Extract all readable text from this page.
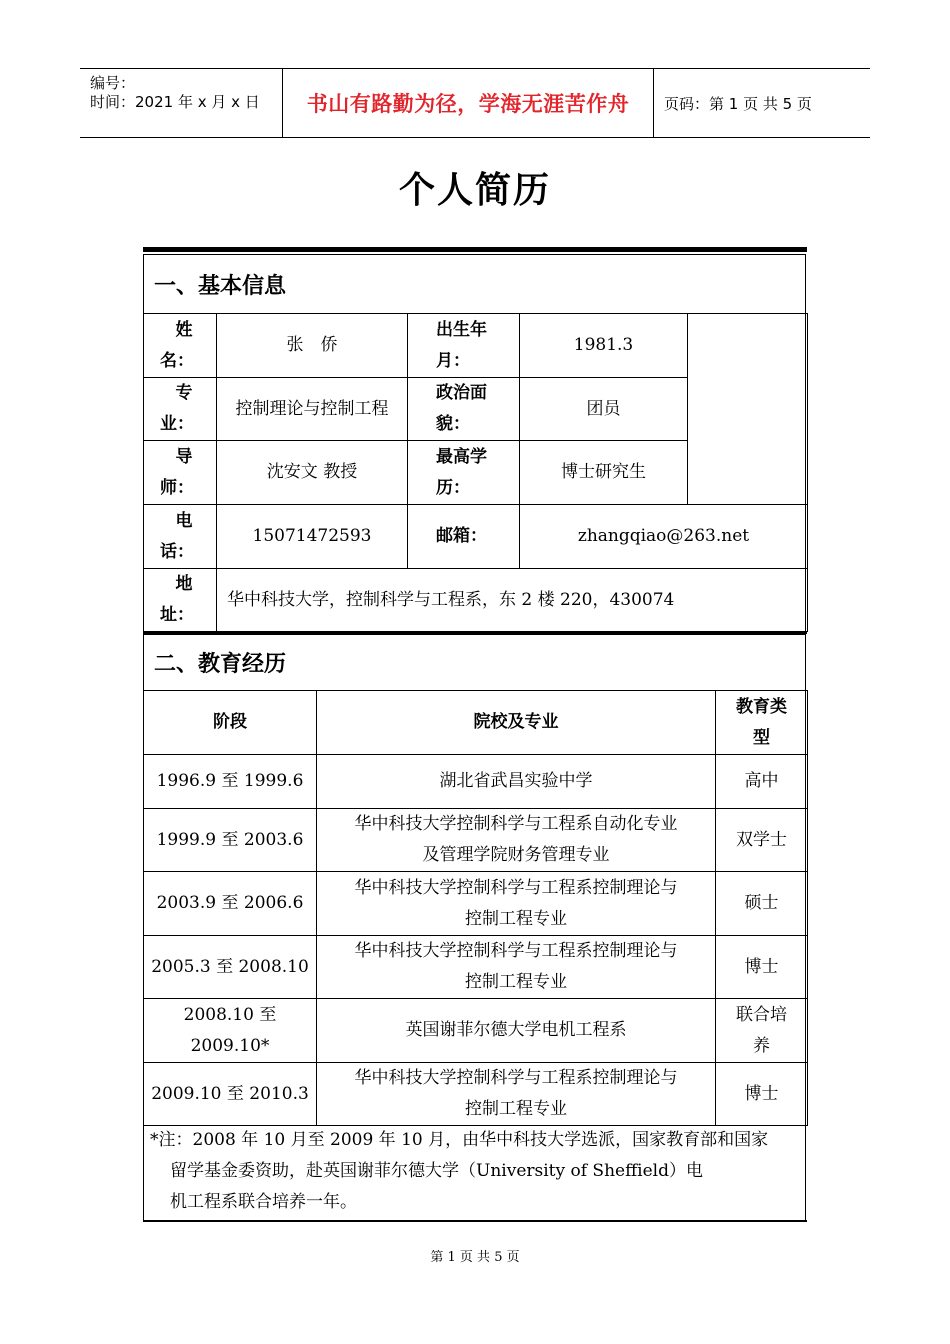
编号：
时间：2021 年 x 月 x 日 书山有路勤为径，学海无涯苦作舟 页码：第 1 页 共 5 页
个人简历
一、基本信息
姓
名：	张　侨	出生年
月：	1981.3	

专
业：	控制理论与控制工程	政治面
貌：	团员	

导
师：	沈安文 教授	最高学
历：	博士研究生	

电
话：	15071472593	邮箱：	zhangqiao@263.net	

地
址：	华中科技大学，控制科学与工程系，东 2 楼 220，430074			
二、教育经历
阶段	院校及专业	教育类
型

1996.9 至 1999.6	湖北省武昌实验中学	高中

1999.9 至 2003.6	华中科技大学控制科学与工程系自动化专业
及管理学院财务管理专业	双学士

2003.9 至 2006.6	华中科技大学控制科学与工程系控制理论与
控制工程专业	硕士

2005.3 至 2008.10	华中科技大学控制科学与工程系控制理论与
控制工程专业	博士

2008.10 至
2009.10*	英国谢菲尔德大学电机工程系	联合培
养

2009.10 至 2010.3	华中科技大学控制科学与工程系控制理论与
控制工程专业	博士
*注：2008 年 10 月至 2009 年 10 月，由华中科技大学选派，国家教育部和国家
留学基金委资助，赴英国谢菲尔德大学（University of Sheffield）电
机工程系联合培养一年。
第 1 页 共 5 页
